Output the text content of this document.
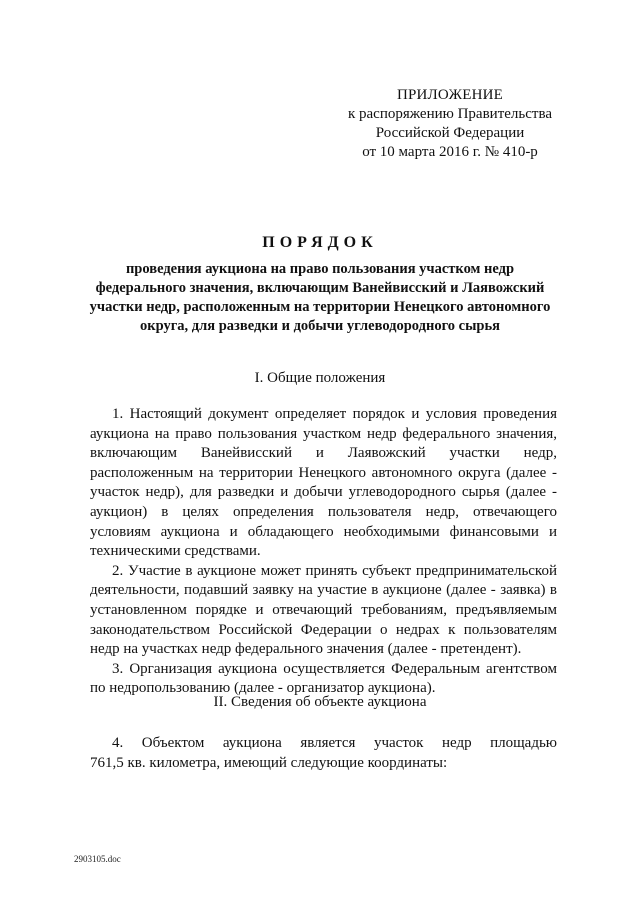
ПРИЛОЖЕНИЕ
к распоряжению Правительства
Российской Федерации
от 10 марта 2016 г. № 410-р
ПОРЯДОК
проведения аукциона на право пользования участком недр федерального значения, включающим Ванейвисский и Лаявожский участки недр, расположенным на территории Ненецкого автономного округа, для разведки и добычи углеводородного сырья
I. Общие положения

1. Настоящий документ определяет порядок и условия проведения аукциона на право пользования участком недр федерального значения, включающим Ванейвисский и Лаявожский участки недр, расположенным на территории Ненецкого автономного округа (далее - участок недр), для разведки и добычи углеводородного сырья (далее - аукцион) в целях определения пользователя недр, отвечающего условиям аукциона и обладающего необходимыми финансовыми и техническими средствами.

2. Участие в аукционе может принять субъект предпринимательской деятельности, подавший заявку на участие в аукционе (далее - заявка) в установленном порядке и отвечающий требованиям, предъявляемым законодательством Российской Федерации о недрах к пользователям недр на участках недр федерального значения (далее - претендент).

3. Организация аукциона осуществляется Федеральным агентством по недропользованию (далее - организатор аукциона).

II. Сведения об объекте аукциона
4. Объектом аукциона является участок недр площадью
761,5 кв. километра, имеющий следующие координаты:
2903105.doc
